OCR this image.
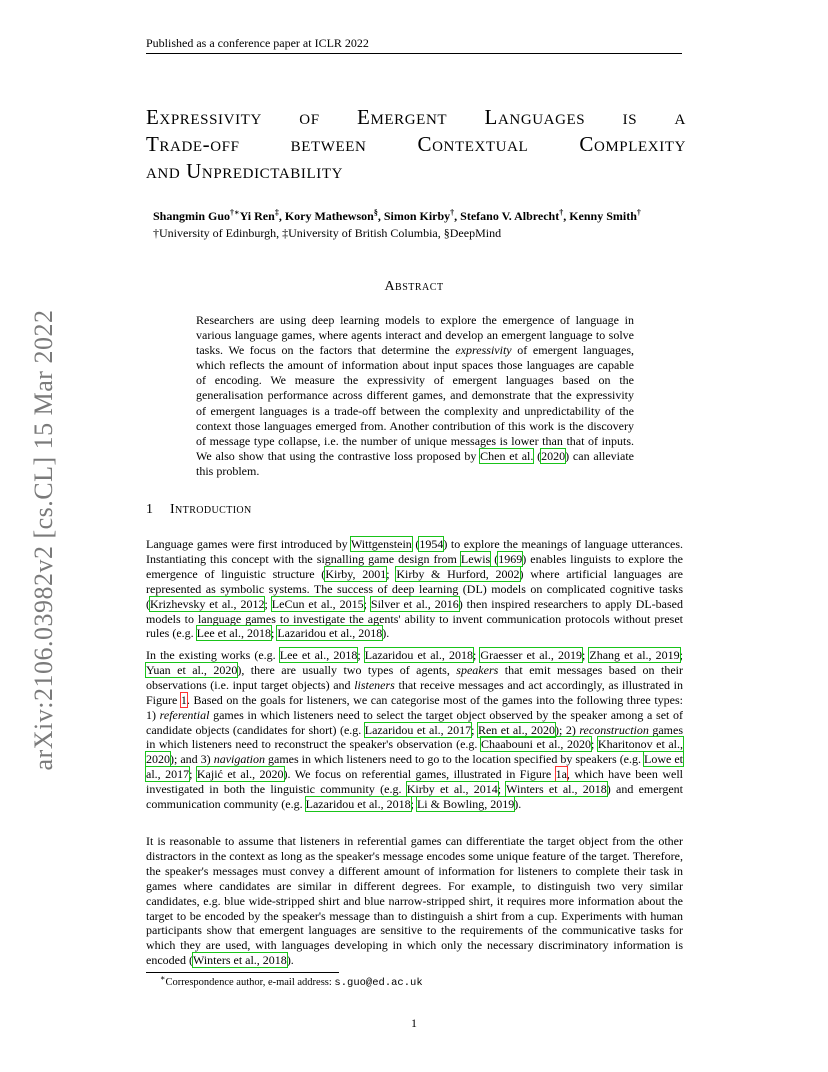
arXiv:2106.03982v2 [cs.CL] 15 Mar 2022
Published as a conference paper at ICLR 2022
Expressivity of Emergent Languages is a
Trade-off between Contextual Complexity
and Unpredictability
Shangmin Guo†∗Yi Ren‡, Kory Mathewson§, Simon Kirby†, Stefano V. Albrecht†, Kenny Smith†
†University of Edinburgh, ‡University of British Columbia, §DeepMind
Abstract
Researchers are using deep learning models to explore the emergence of language in various language games, where agents interact and develop an emergent language to solve tasks. We focus on the factors that determine the expressivity of emergent languages, which reflects the amount of information about input spaces those languages are capable of encoding. We measure the expressivity of emergent languages based on the generalisation performance across different games, and demonstrate that the expressivity of emergent languages is a trade-off between the complexity and unpredictability of the context those languages emerged from. Another contribution of this work is the discovery of message type collapse, i.e. the number of unique messages is lower than that of inputs. We also show that using the contrastive loss proposed by Chen et al. (2020) can alleviate this problem.
1 Introduction

Language games were first introduced by Wittgenstein (1954) to explore the meanings of language utterances. Instantiating this concept with the signalling game design from Lewis (1969) enables linguists to explore the emergence of linguistic structure (Kirby, 2001; Kirby & Hurford, 2002) where artificial languages are represented as symbolic systems. The success of deep learning (DL) models on complicated cognitive tasks (Krizhevsky et al., 2012; LeCun et al., 2015; Silver et al., 2016) then inspired researchers to apply DL-based models to language games to investigate the agents' ability to invent communication protocols without preset rules (e.g. Lee et al., 2018; Lazaridou et al., 2018).

In the existing works (e.g. Lee et al., 2018; Lazaridou et al., 2018; Graesser et al., 2019; Zhang et al., 2019; Yuan et al., 2020), there are usually two types of agents, speakers that emit messages based on their observations (i.e. input target objects) and listeners that receive messages and act accordingly, as illustrated in Figure 1. Based on the goals for listeners, we can categorise most of the games into the following three types: 1) referential games in which listeners need to select the target object observed by the speaker among a set of candidate objects (candidates for short) (e.g. Lazaridou et al., 2017; Ren et al., 2020); 2) reconstruction games in which listeners need to reconstruct the speaker's observation (e.g. Chaabouni et al., 2020; Kharitonov et al., 2020); and 3) navigation games in which listeners need to go to the location specified by speakers (e.g. Lowe et al., 2017; Kajić et al., 2020). We focus on referential games, illustrated in Figure 1a, which have been well investigated in both the linguistic community (e.g. Kirby et al., 2014; Winters et al., 2018) and emergent communication community (e.g. Lazaridou et al., 2018; Li & Bowling, 2019).

It is reasonable to assume that listeners in referential games can differentiate the target object from the other distractors in the context as long as the speaker's message encodes some unique feature of the target. Therefore, the speaker's messages must convey a different amount of information for listeners to complete their task in games where candidates are similar in different degrees. For example, to distinguish two very similar candidates, e.g. blue wide-stripped shirt and blue narrow-stripped shirt, it requires more information about the target to be encoded by the speaker's message than to distinguish a shirt from a cup. Experiments with human participants show that emergent languages are sensitive to the requirements of the communicative tasks for which they are used, with languages developing in which only the necessary discriminatory information is encoded (Winters et al., 2018).

∗Correspondence author, e-mail address: s.guo@ed.ac.uk
1
